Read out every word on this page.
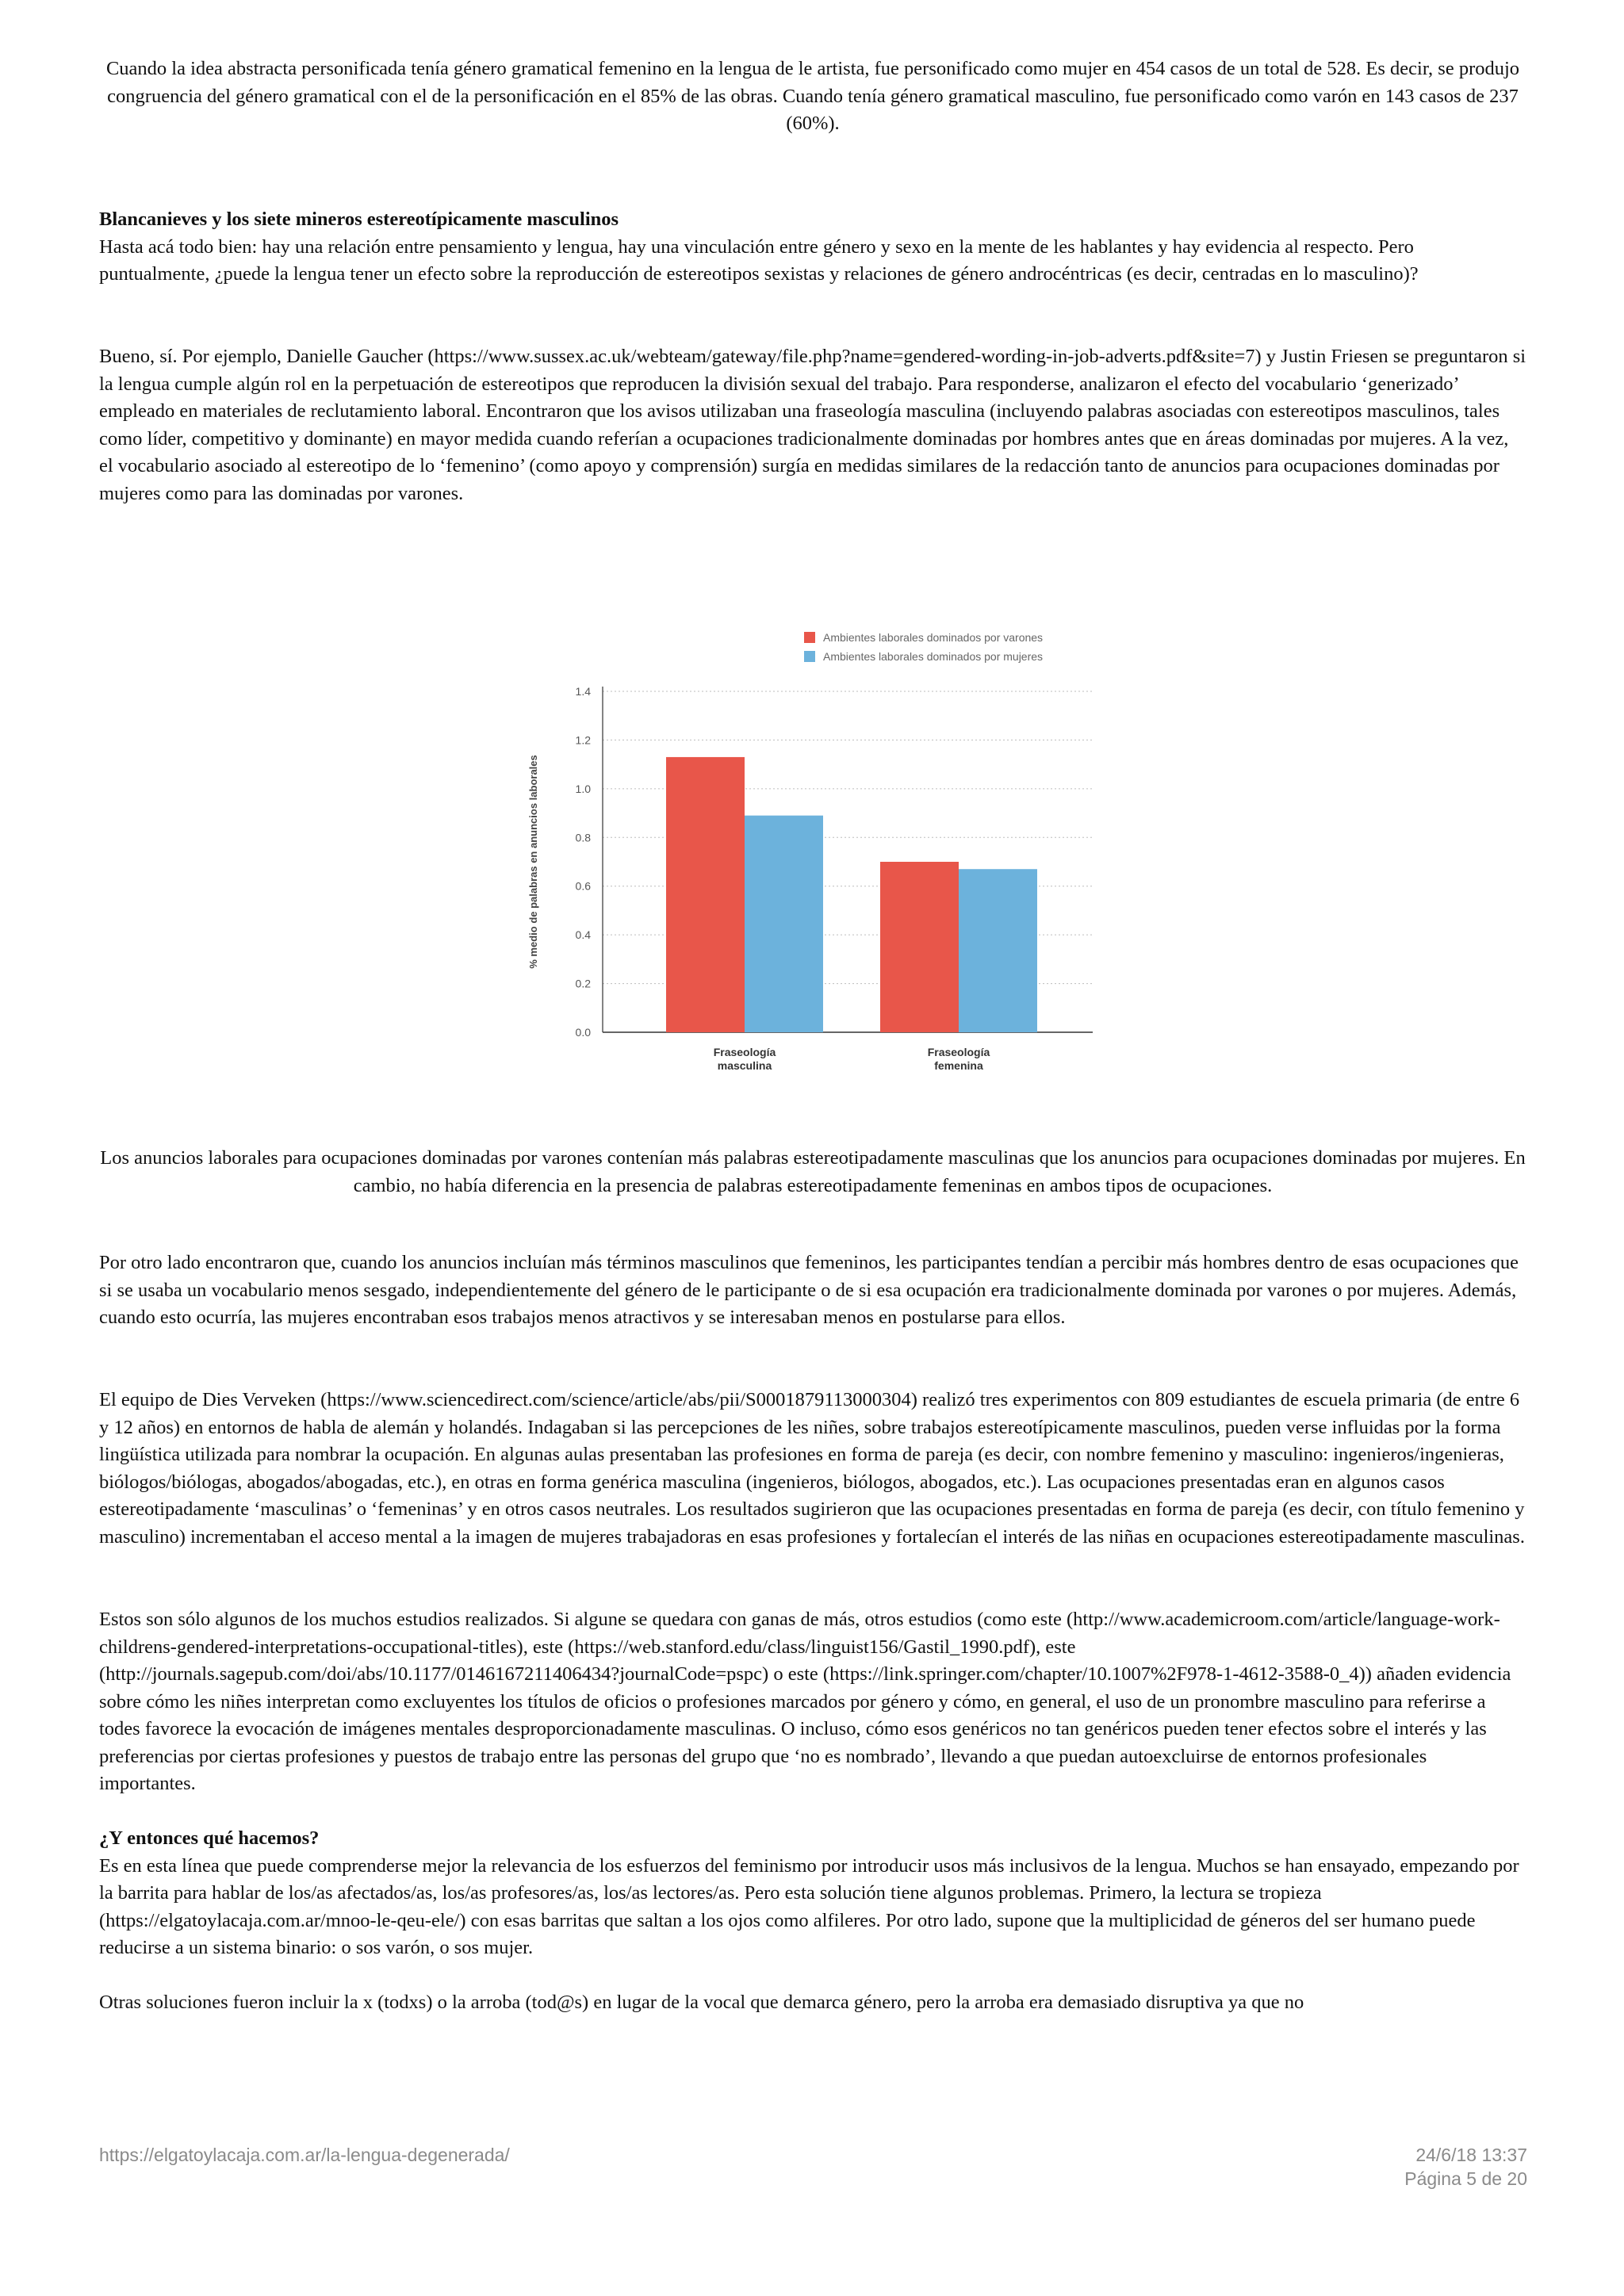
Cuando la idea abstracta personificada tenía género gramatical femenino en la lengua de le artista, fue personificado como mujer en 454 casos de un total de 528. Es decir, se produjo congruencia del género gramatical con el de la personificación en el 85% de las obras. Cuando tenía género gramatical masculino, fue personificado como varón en 143 casos de 237 (60%).

Blancanieves y los siete mineros estereotípicamente masculinos
Hasta acá todo bien: hay una relación entre pensamiento y lengua, hay una vinculación entre género y sexo en la mente de les hablantes y hay evidencia al respecto. Pero puntualmente, ¿puede la lengua tener un efecto sobre la reproducción de estereotipos sexistas y relaciones de género androcéntricas (es decir, centradas en lo masculino)?

Bueno, sí. Por ejemplo, Danielle Gaucher (https://www.sussex.ac.uk/webteam/gateway/file.php?name=gendered-wording-in-job-adverts.pdf&site=7) y Justin Friesen se preguntaron si la lengua cumple algún rol en la perpetuación de estereotipos que reproducen la división sexual del trabajo. Para responderse, analizaron el efecto del vocabulario ‘generizado’ empleado en materiales de reclutamiento laboral. Encontraron que los avisos utilizaban una fraseología masculina (incluyendo palabras asociadas con estereotipos masculinos, tales como líder, competitivo y dominante) en mayor medida cuando referían a ocupaciones tradicionalmente dominadas por hombres antes que en áreas dominadas por mujeres. A la vez, el vocabulario asociado al estereotipo de lo ‘femenino’ (como apoyo y comprensión) surgía en medidas similares de la redacción tanto de anuncios para ocupaciones dominadas por mujeres como para las dominadas por varones.

0.0
0.2
0.4
0.6
0.8
1.0
1.2
1.4
% medio de palabras en anuncios laborales
Fraseología
masculina
Fraseología
femenina
Ambientes laborales dominados por varones
Ambientes laborales dominados por mujeres

Los anuncios laborales para ocupaciones dominadas por varones contenían más palabras estereotipadamente masculinas que los anuncios para ocupaciones dominadas por mujeres. En cambio, no había diferencia en la presencia de palabras estereotipadamente femeninas en ambos tipos de ocupaciones.

Por otro lado encontraron que, cuando los anuncios incluían más términos masculinos que femeninos, les participantes tendían a percibir más hombres dentro de esas ocupaciones que si se usaba un vocabulario menos sesgado, independientemente del género de le participante o de si esa ocupación era tradicionalmente dominada por varones o por mujeres. Además, cuando esto ocurría, las mujeres encontraban esos trabajos menos atractivos y se interesaban menos en postularse para ellos.

El equipo de Dies Verveken (https://www.sciencedirect.com/science/article/abs/pii/S0001879113000304) realizó tres experimentos con 809 estudiantes de escuela primaria (de entre 6 y 12 años) en entornos de habla de alemán y holandés. Indagaban si las percepciones de les niñes, sobre trabajos estereotípicamente masculinos, pueden verse influidas por la forma lingüística utilizada para nombrar la ocupación. En algunas aulas presentaban las profesiones en forma de pareja (es decir, con nombre femenino y masculino: ingenieros/ingenieras, biólogos/biólogas, abogados/abogadas, etc.), en otras en forma genérica masculina (ingenieros, biólogos, abogados, etc.). Las ocupaciones presentadas eran en algunos casos estereotipadamente ‘masculinas’ o ‘femeninas’ y en otros casos neutrales. Los resultados sugirieron que las ocupaciones presentadas en forma de pareja (es decir, con título femenino y masculino) incrementaban el acceso mental a la imagen de mujeres trabajadoras en esas profesiones y fortalecían el interés de las niñas en ocupaciones estereotipadamente masculinas.

Estos son sólo algunos de los muchos estudios realizados. Si algune se quedara con ganas de más, otros estudios (como este (http://www.academicroom.com/article/language-work-childrens-gendered-interpretations-occupational-titles), este (https://web.stanford.edu/class/linguist156/Gastil_1990.pdf), este (http://journals.sagepub.com/doi/abs/10.1177/0146167211406434?journalCode=pspc) o este (https://link.springer.com/chapter/10.1007%2F978-1-4612-3588-0_4)) añaden evidencia sobre cómo les niñes interpretan como excluyentes los títulos de oficios o profesiones marcados por género y cómo, en general, el uso de un pronombre masculino para referirse a todes favorece la evocación de imágenes mentales desproporcionadamente masculinas. O incluso, cómo esos genéricos no tan genéricos pueden tener efectos sobre el interés y las preferencias por ciertas profesiones y puestos de trabajo entre las personas del grupo que ‘no es nombrado’, llevando a que puedan autoexcluirse de entornos profesionales importantes.

¿Y entonces qué hacemos?
Es en esta línea que puede comprenderse mejor la relevancia de los esfuerzos del feminismo por introducir usos más inclusivos de la lengua. Muchos se han ensayado, empezando por la barrita para hablar de los/as afectados/as, los/as profesores/as, los/as lectores/as. Pero esta solución tiene algunos problemas. Primero, la lectura se tropieza (https://elgatoylacaja.com.ar/mnoo-le-qeu-ele/) con esas barritas que saltan a los ojos como alfileres. Por otro lado, supone que la multiplicidad de géneros del ser humano puede reducirse a un sistema binario: o sos varón, o sos mujer.

Otras soluciones fueron incluir la x (todxs) o la arroba (tod@s) en lugar de la vocal que demarca género, pero la arroba era demasiado disruptiva ya que no

https://elgatoylacaja.com.ar/la-lengua-degenerada/	24/6/18 13:37
Página 5 de 20
